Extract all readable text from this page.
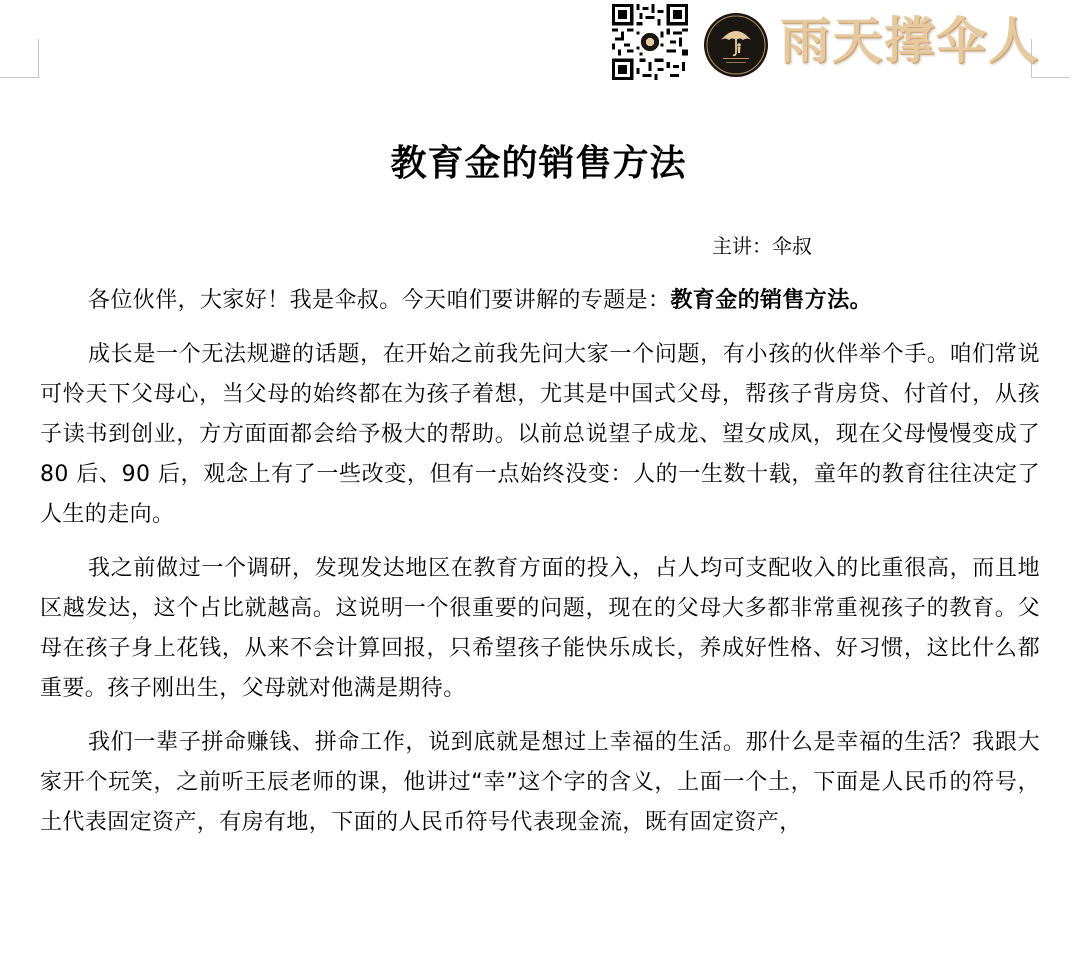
雨天撑伞人
教育金的销售方法
主讲：伞叔

各位伙伴，大家好！我是伞叔。今天咱们要讲解的专题是：教育金的销售方法。

成长是一个无法规避的话题，在开始之前我先问大家一个问题，有小孩的伙伴举个手。咱们常说可怜天下父母心，当父母的始终都在为孩子着想，尤其是中国式父母，帮孩子背房贷、付首付，从孩子读书到创业，方方面面都会给予极大的帮助。以前总说望子成龙、望女成凤，现在父母慢慢变成了 80 后、90 后，观念上有了一些改变，但有一点始终没变：人的一生数十载，童年的教育往往决定了人生的走向。

我之前做过一个调研，发现发达地区在教育方面的投入，占人均可支配收入的比重很高，而且地区越发达，这个占比就越高。这说明一个很重要的问题，现在的父母大多都非常重视孩子的教育。父母在孩子身上花钱，从来不会计算回报，只希望孩子能快乐成长，养成好性格、好习惯，这比什么都重要。孩子刚出生，父母就对他满是期待。

我们一辈子拼命赚钱、拼命工作，说到底就是想过上幸福的生活。那什么是幸福的生活？我跟大家开个玩笑，之前听王辰老师的课，他讲过“幸”这个字的含义，上面一个土，下面是人民币的符号，土代表固定资产，有房有地，下面的人民币符号代表现金流，既有固定资产，
